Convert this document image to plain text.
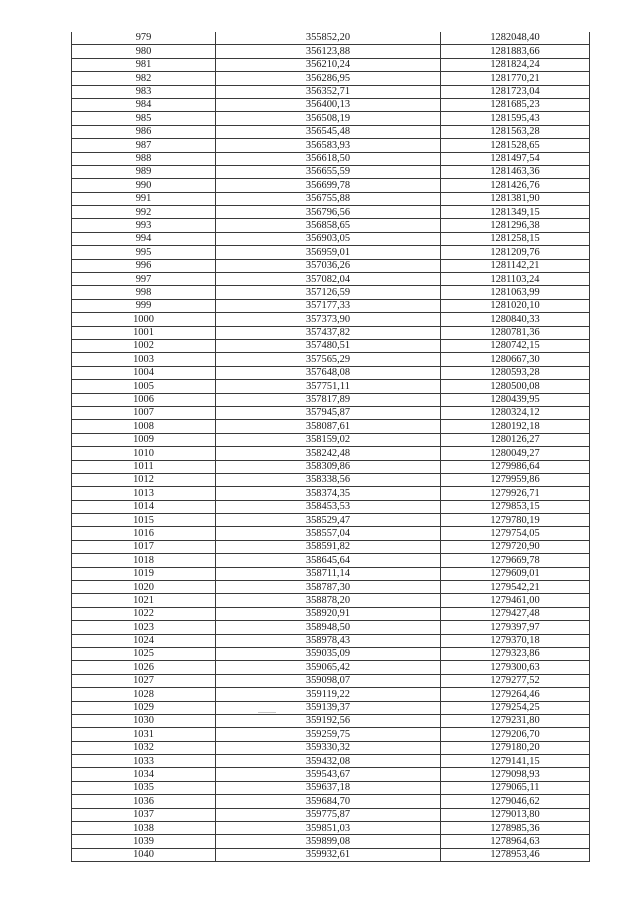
979	355852,20	1282048,40
980	356123,88	1281883,66
981	356210,24	1281824,24
982	356286,95	1281770,21
983	356352,71	1281723,04
984	356400,13	1281685,23
985	356508,19	1281595,43
986	356545,48	1281563,28
987	356583,93	1281528,65
988	356618,50	1281497,54
989	356655,59	1281463,36
990	356699,78	1281426,76
991	356755,88	1281381,90
992	356796,56	1281349,15
993	356858,65	1281296,38
994	356903,05	1281258,15
995	356959,01	1281209,76
996	357036,26	1281142,21
997	357082,04	1281103,24
998	357126,59	1281063,99
999	357177,33	1281020,10
1000	357373,90	1280840,33
1001	357437,82	1280781,36
1002	357480,51	1280742,15
1003	357565,29	1280667,30
1004	357648,08	1280593,28
1005	357751,11	1280500,08
1006	357817,89	1280439,95
1007	357945,87	1280324,12
1008	358087,61	1280192,18
1009	358159,02	1280126,27
1010	358242,48	1280049,27
1011	358309,86	1279986,64
1012	358338,56	1279959,86
1013	358374,35	1279926,71
1014	358453,53	1279853,15
1015	358529,47	1279780,19
1016	358557,04	1279754,05
1017	358591,82	1279720,90
1018	358645,64	1279669,78
1019	358711,14	1279609,01
1020	358787,30	1279542,21
1021	358878,20	1279461,00
1022	358920,91	1279427,48
1023	358948,50	1279397,97
1024	358978,43	1279370,18
1025	359035,09	1279323,86
1026	359065,42	1279300,63
1027	359098,07	1279277,52
1028	359119,22	1279264,46
1029	359139,37	1279254,25
1030	359192,56	1279231,80
1031	359259,75	1279206,70
1032	359330,32	1279180,20
1033	359432,08	1279141,15
1034	359543,67	1279098,93
1035	359637,18	1279065,11
1036	359684,70	1279046,62
1037	359775,87	1279013,80
1038	359851,03	1278985,36
1039	359899,08	1278964,63
1040	359932,61	1278953,46
